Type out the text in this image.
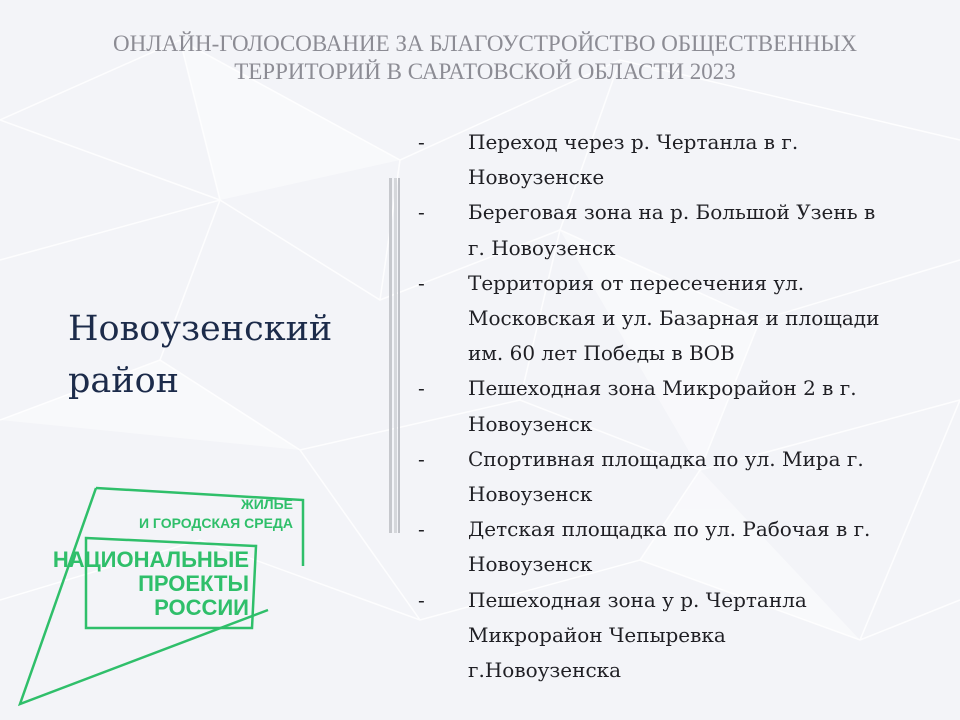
ОНЛАЙН-ГОЛОСОВАНИЕ ЗА БЛАГОУСТРОЙСТВО ОБЩЕСТВЕННЫХ
ТЕРРИТОРИЙ В САРАТОВСКОЙ ОБЛАСТИ 2023
Новоузенский
район
- Переход через р. Чертанла в г.
Новоузенске
- Береговая зона на р. Большой Узень в
г. Новоузенск
- Территория от пересечения ул.
Московская и ул. Базарная и площади
им. 60 лет Победы в ВОВ
- Пешеходная зона Микрорайон 2 в г.
Новоузенск
- Спортивная площадка по ул. Мира г.
Новоузенск
- Детская площадка по ул. Рабочая в г.
Новоузенск
- Пешеходная зона у р. Чертанла
Микрорайон Чепыревка
г.Новоузенска
ЖИЛЬЕ
И ГОРОДСКАЯ СРЕДА
НАЦИОНАЛЬНЫЕ
ПРОЕКТЫ
РОССИИ
